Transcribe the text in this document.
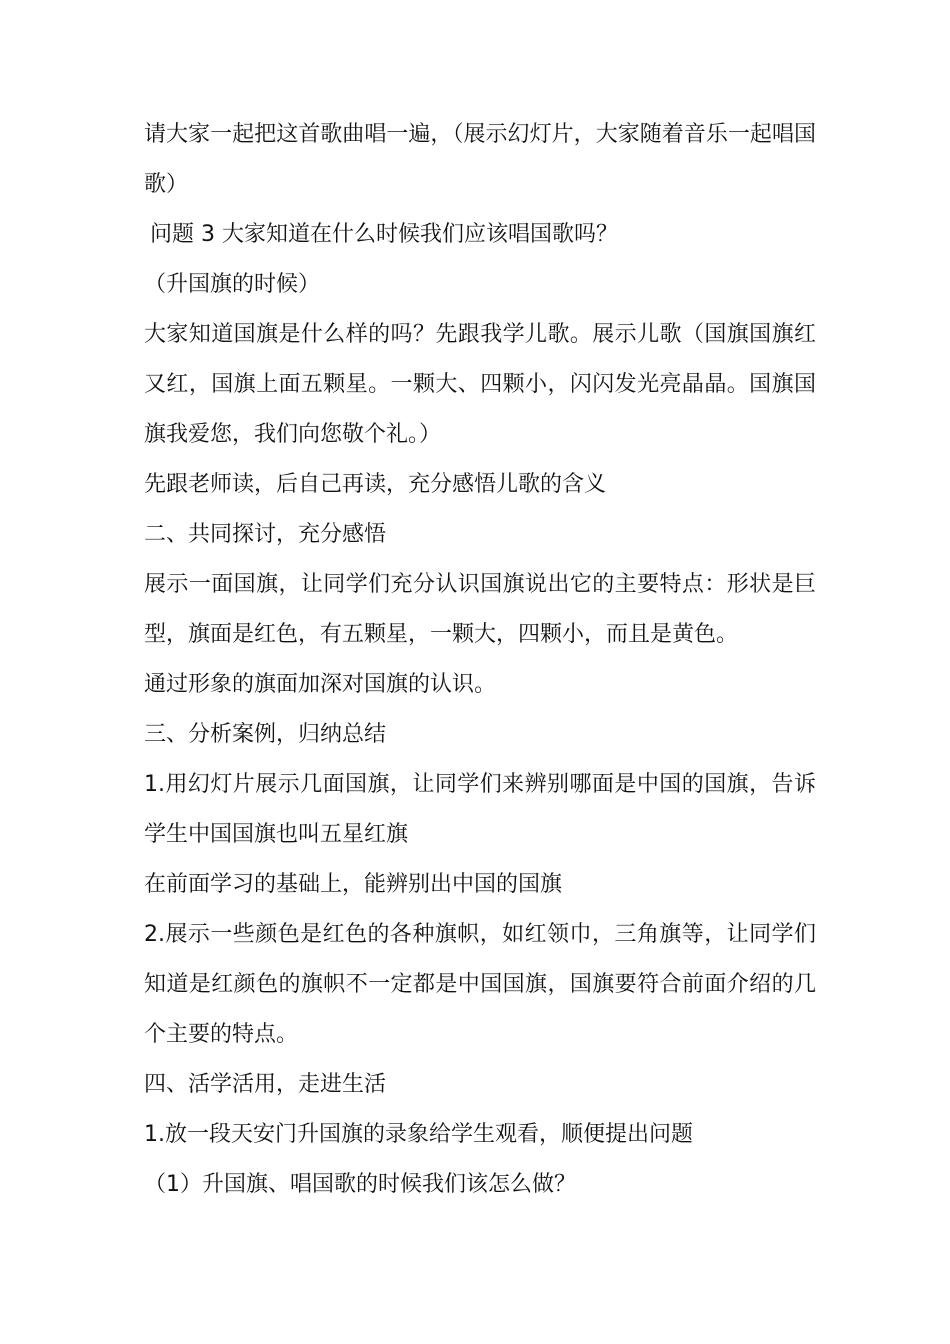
请大家一起把这首歌曲唱一遍，（展示幻灯片，大家随着音乐一起唱国歌）

问题 3 大家知道在什么时候我们应该唱国歌吗？

（升国旗的时候）

大家知道国旗是什么样的吗？先跟我学儿歌。展示儿歌（国旗国旗红又红，国旗上面五颗星。一颗大、四颗小，闪闪发光亮晶晶。国旗国旗我爱您，我们向您敬个礼。）

先跟老师读，后自己再读，充分感悟儿歌的含义

二、共同探讨，充分感悟

展示一面国旗，让同学们充分认识国旗说出它的主要特点：形状是巨型，旗面是红色，有五颗星，一颗大，四颗小，而且是黄色。

通过形象的旗面加深对国旗的认识。

三、分析案例，归纳总结

1.用幻灯片展示几面国旗，让同学们来辨别哪面是中国的国旗，告诉学生中国国旗也叫五星红旗

在前面学习的基础上，能辨别出中国的国旗

2.展示一些颜色是红色的各种旗帜，如红领巾，三角旗等，让同学们知道是红颜色的旗帜不一定都是中国国旗，国旗要符合前面介绍的几个主要的特点。

四、活学活用，走进生活

1.放一段天安门升国旗的录象给学生观看，顺便提出问题

（1）升国旗、唱国歌的时候我们该怎么做？
